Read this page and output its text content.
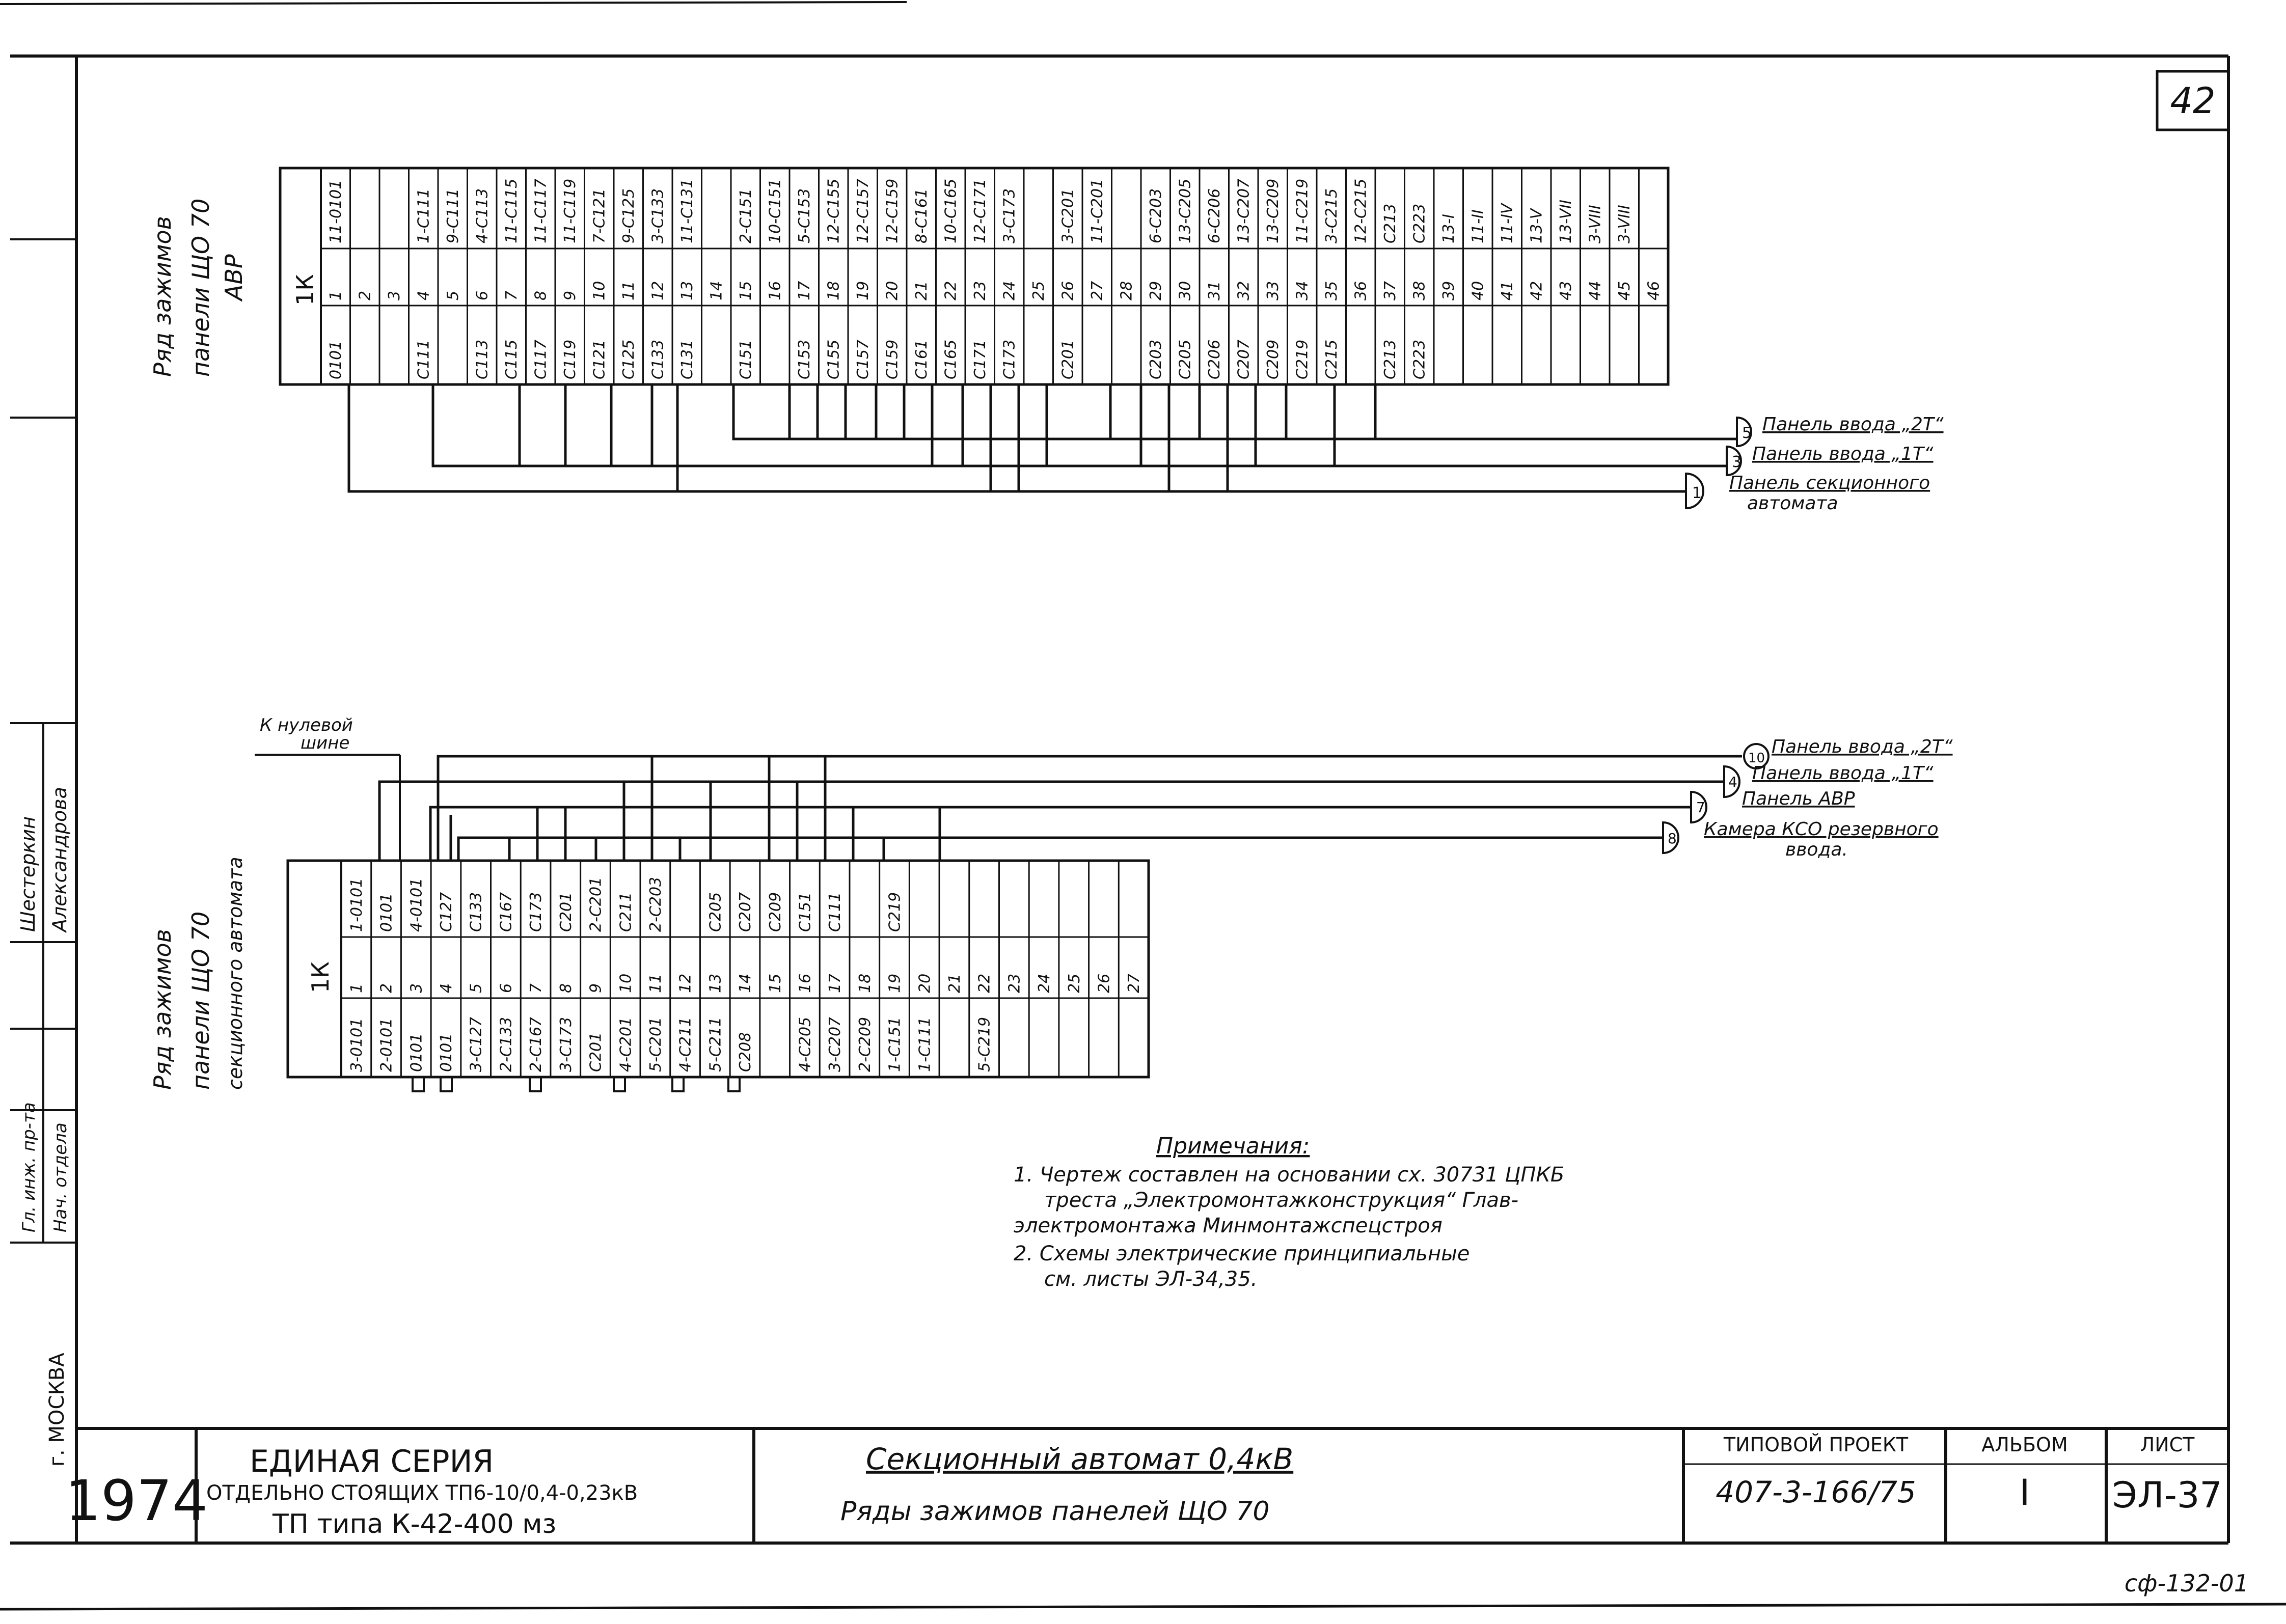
42
Гл. инж. пр-та Нач. отдела
Шестеркин Александрова
г. МОСКВА
Ряд зажимов панели ЩО 70 АВР 1К
11-0101
1
0101
2 3
1-С111
4
С111
9-С111
5
4-С113
6
С113
11-С115
7
С115
11-С117
8
С117
11-С119
9
С119
7-С121
10
С121
9-С125
11
С125
3-С133
12
С133
11-С131
13
С131
14
2-С151
15
С151
10-С151
16
5-С153
17
С153
12-С155
18
С155
12-С157
19
С157
12-С159
20
С159
8-С161
21
С161
10-С165
22
С165
12-С171
23
С171
3-С173
24
С173
25
3-С201
26
С201
11-С201
27 28
6-С203
29
С203
13-С205
30
С205
6-С206
31
С206
13-С207
32
С207
13-С209
33
С209
11-С219
34
С219
3-С215
35
С215
12-С215
36
С213
37
С213
С223
38
С223
13-I
39
11-II
40
11-IV
41
13-V
42
13-VII
43
3-VIII
44
3-VIII
45 46
5 Панель ввода „2Т“
3 Панель ввода „1Т“
1 Панель секционного
автомата
Ряд зажимов панели ЩО 70 секционного автомата
К нулевой
шине
1К
1-0101
1
3-0101
0101
2
2-0101
4-0101
3
0101
С127
4
0101
С133
5
3-С127
С167
6
2-С133
С173
7
2-С167
С201
8
3-С173
2-С201
9
С201
С211
10
4-С201
2-С203
11
5-С201
12
4-С211
С205
13
5-С211
С207
14
С208
С209
15
С151
16
4-С205
С111
17
3-С207
18
2-С209
С219
19
1-С151
20
1-С111
21 22
5-С219
23 24 25 26 27
10
Панель ввода „2Т“
4 Панель ввода „1Т“
7 Панель АВР
8 Камера КСО резервного
ввода.
Примечания:
1. Чертеж составлен на основании сх. 30731 ЦПКБ
треста „Электромонтажконструкция“ Глав-
электромонтажа Минмонтажспецстроя
2. Схемы электрические принципиальные
см. листы ЭЛ-34,35.
1974
ЕДИНАЯ СЕРИЯ
ОТДЕЛЬНО СТОЯЩИХ ТП6-10/0,4-0,23кВ
ТП типа К-42-400 мз
Секционный автомат 0,4кВ
Ряды зажимов панелей ЩО 70
ТИПОВОЙ ПРОЕКТ
407-3-166/75
АЛЬБОМ
I
ЛИСТ
ЭЛ-37
сф-132-01
